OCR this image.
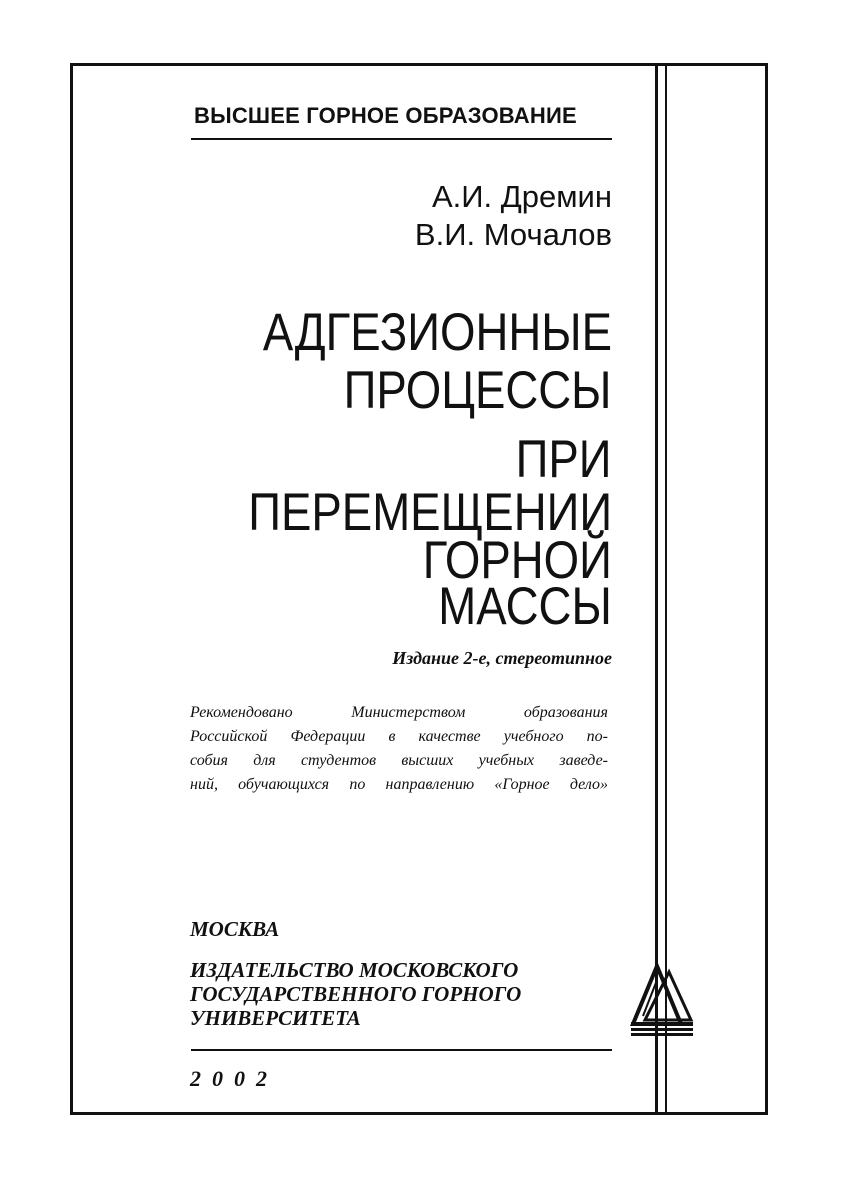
ВЫСШЕЕ ГОРНОЕ ОБРАЗОВАНИЕ
А.И. Дремин
В.И. Мочалов
АДГЕЗИОННЫЕ
ПРОЦЕССЫ
ПРИ
ПЕРЕМЕЩЕНИИ
ГОРНОЙ
МАССЫ
Издание 2-е, стереотипное
Рекомендовано Министерством образования
Российской Федерации в качестве учебного по-
собия для студентов высших учебных заведе-
ний, обучающихся по направлению «Горное дело»
МОСКВА
ИЗДАТЕЛЬСТВО МОСКОВСКОГО
ГОСУДАРСТВЕННОГО ГОРНОГО
УНИВЕРСИТЕТА
2002
